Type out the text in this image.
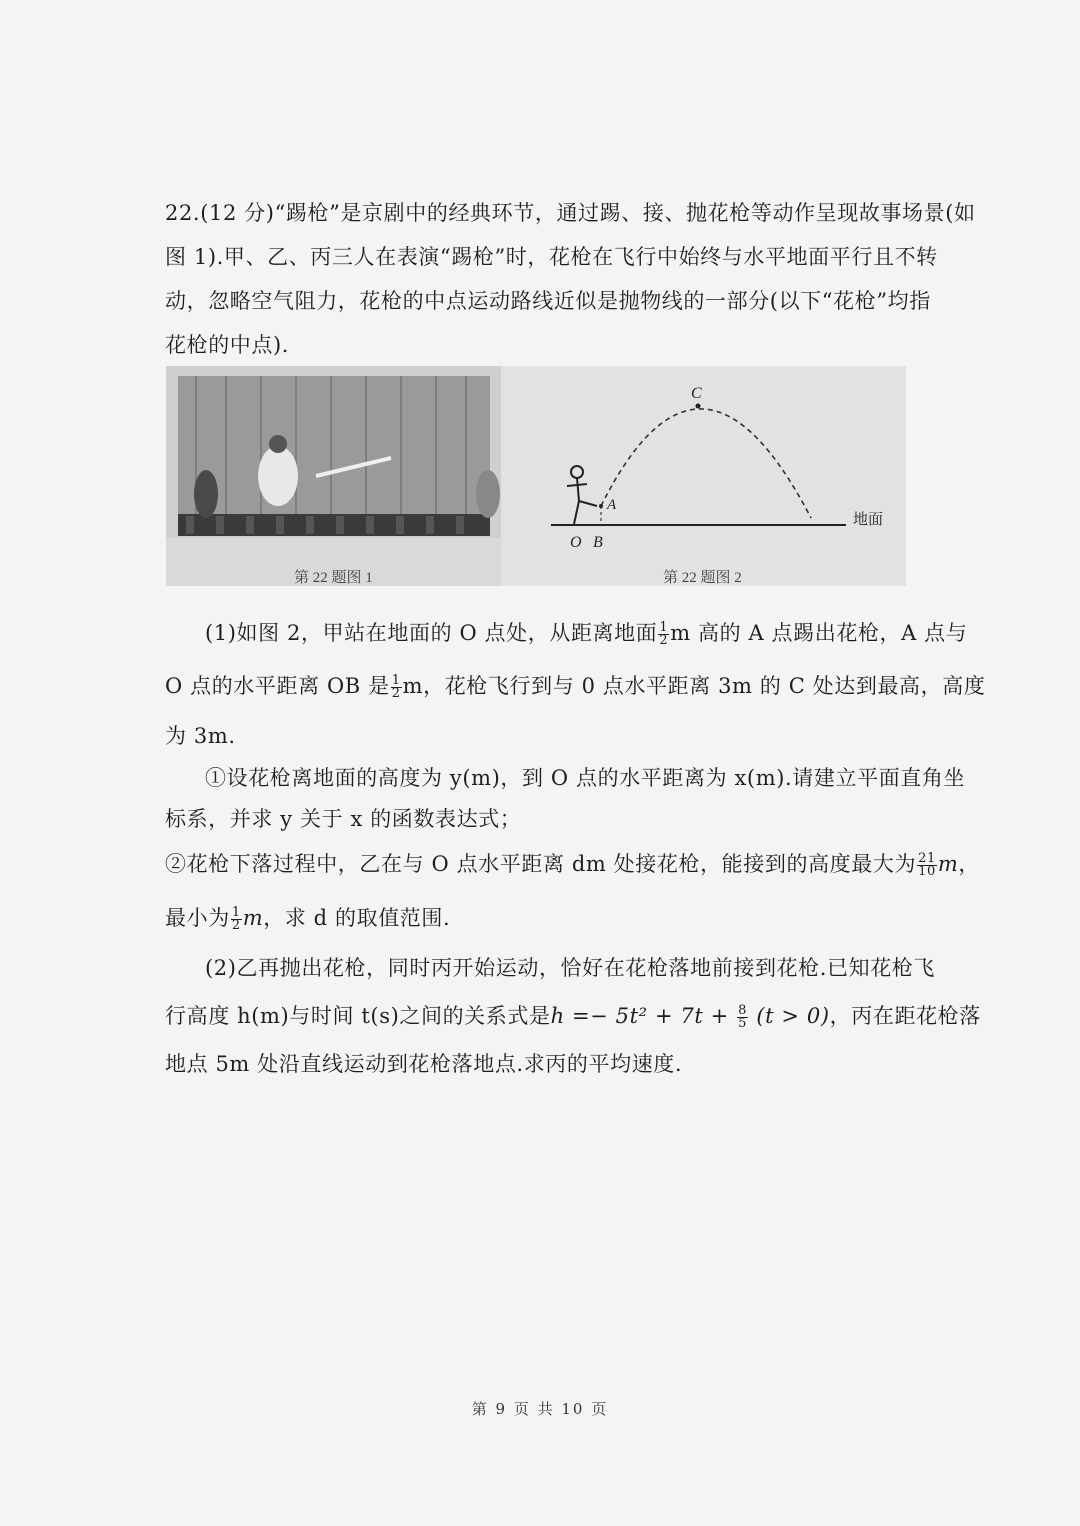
22.(12 分)“踢枪”是京剧中的经典环节，通过踢、接、抛花枪等动作呈现故事场景(如
图 1).甲、乙、丙三人在表演“踢枪”时，花枪在飞行中始终与水平地面平行且不转
动，忽略空气阻力，花枪的中点运动路线近似是抛物线的一部分(以下“花枪”均指
花枪的中点).
第 22 题图 1
C
A
O B
地面
第 22 题图 2
(1)如图 2，甲站在地面的 O 点处，从距离地面 $\frac{1}{2}$ m 高的 A 点踢出花枪，A 点与
O 点的水平距离 OB 是 $\frac{1}{2}$ m，花枪飞行到与 0 点水平距离 3m 的 C 处达到最高，高度
为 3m.
①设花枪离地面的高度为 y(m)，到 O 点的水平距离为 x(m).请建立平面直角坐
标系，并求 y 关于 x 的函数表达式；
②花枪下落过程中，乙在与 O 点水平距离 dm 处接花枪，能接到的高度最大为 $\frac{21}{10}$ m，
最小为 $\frac{1}{2}$ m，求 d 的取值范围.
(2)乙再抛出花枪，同时丙开始运动，恰好在花枪落地前接到花枪.已知花枪飞
行高度 h(m)与时间 t(s)之间的关系式是$h =- 5t^2 + 7t + \frac{8}{5} (t > 0)$，丙在距花枪落
地点 5m 处沿直线运动到花枪落地点.求丙的平均速度.
第 9 页 共 10 页
